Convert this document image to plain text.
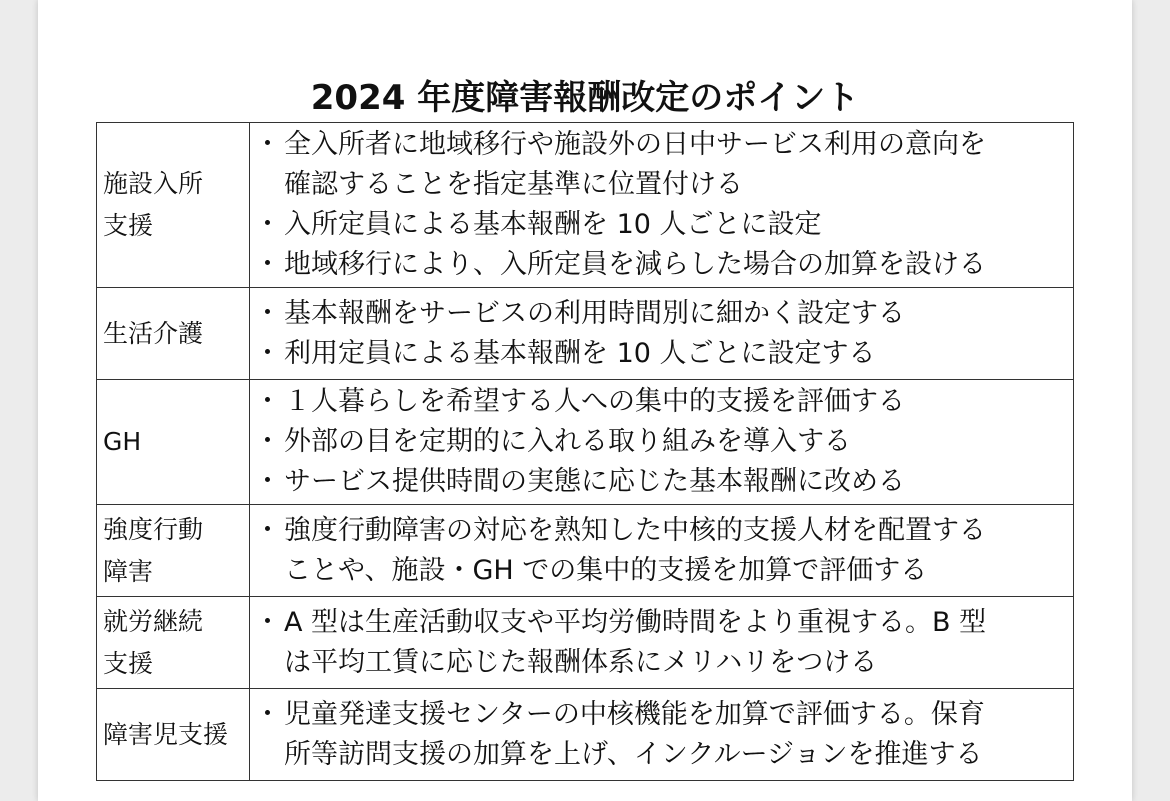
2024 年度障害報酬改定のポイント
施設入所
支援	・ 全入所者に地域移行や施設外の日中サービス利用の意向を
確認することを指定基準に位置付ける
・ 入所定員による基本報酬を 10 人ごとに設定
・ 地域移行により、入所定員を減らした場合の加算を設ける

生活介護	・ 基本報酬をサービスの利用時間別に細かく設定する
・ 利用定員による基本報酬を 10 人ごとに設定する

GH	・ １人暮らしを希望する人への集中的支援を評価する
・ 外部の目を定期的に入れる取り組みを導入する
・ サービス提供時間の実態に応じた基本報酬に改める

強度行動
障害	・ 強度行動障害の対応を熟知した中核的支援人材を配置する
ことや、施設・GH での集中的支援を加算で評価する

就労継続
支援	・ A 型は生産活動収支や平均労働時間をより重視する。B 型
は平均工賃に応じた報酬体系にメリハリをつける

障害児支援	・ 児童発達支援センターの中核機能を加算で評価する。保育
所等訪問支援の加算を上げ、インクルージョンを推進する
